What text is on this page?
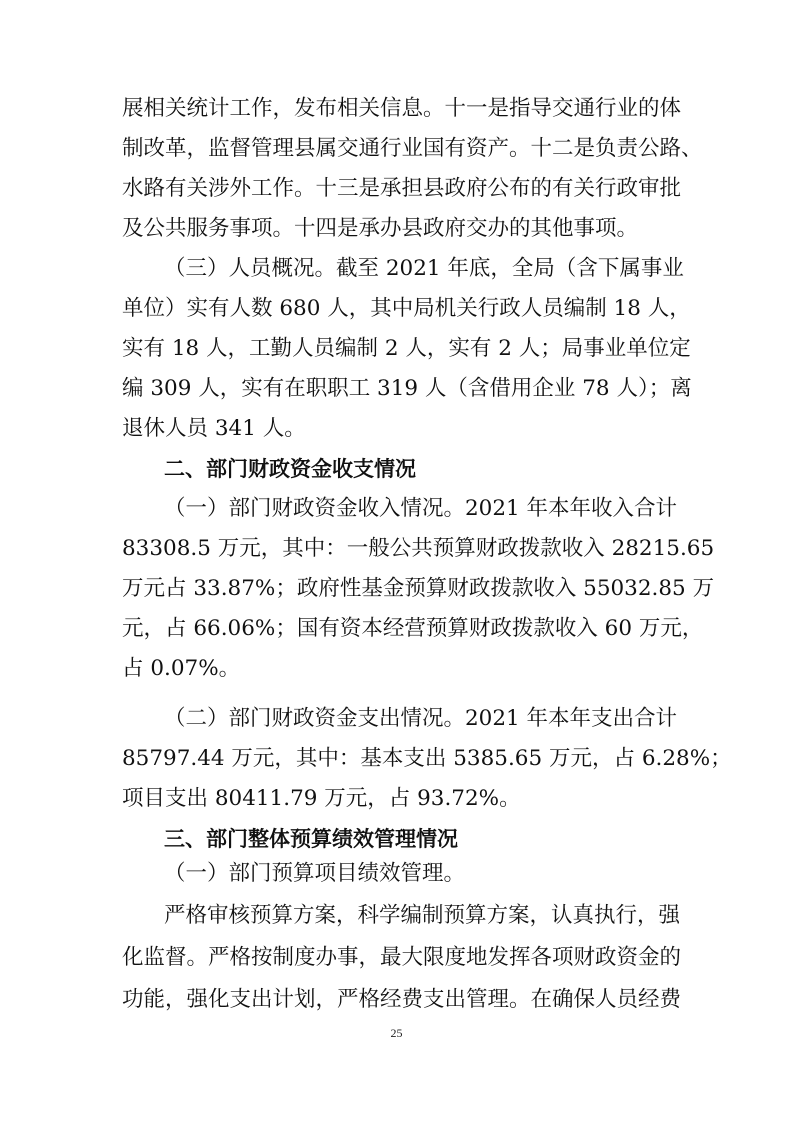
展相关统计工作，发布相关信息。十一是指导交通行业的体
制改革，监督管理县属交通行业国有资产。十二是负责公路、
水路有关涉外工作。十三是承担县政府公布的有关行政审批
及公共服务事项。十四是承办县政府交办的其他事项。
（三）人员概况。截至 2021 年底，全局（含下属事业
单位）实有人数 680 人，其中局机关行政人员编制 18 人，
实有 18 人，工勤人员编制 2 人，实有 2 人；局事业单位定
编 309 人，实有在职职工 319 人（含借用企业 78 人）；离
退休人员 341 人。
二、部门财政资金收支情况
（一）部门财政资金收入情况。2021 年本年收入合计
83308.5 万元，其中：一般公共预算财政拨款收入 28215.65
万元占 33.87%；政府性基金预算财政拨款收入 55032.85 万
元，占 66.06%；国有资本经营预算财政拨款收入 60 万元，
占 0.07%。
（二）部门财政资金支出情况。2021 年本年支出合计
85797.44 万元，其中：基本支出 5385.65 万元，占 6.28%；
项目支出 80411.79 万元，占 93.72%。
三、部门整体预算绩效管理情况
（一）部门预算项目绩效管理。
严格审核预算方案，科学编制预算方案，认真执行，强
化监督。严格按制度办事，最大限度地发挥各项财政资金的
功能，强化支出计划，严格经费支出管理。在确保人员经费
25
